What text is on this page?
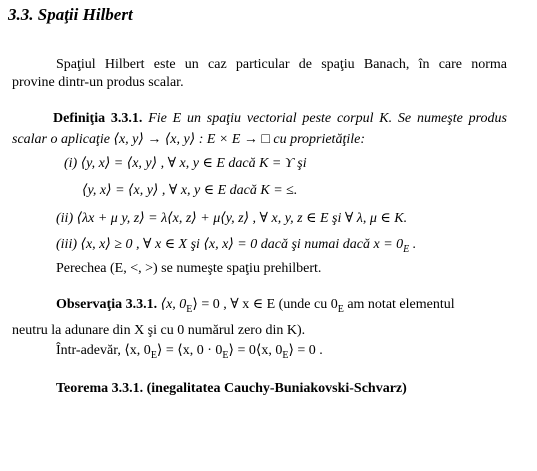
3.3. Spaţii Hilbert
Spaţiul Hilbert este un caz particular de spaţiu Banach, în care norma
provine dintr-un produs scalar.
Definiţia 3.3.1. Fie E un spaţiu vectorial peste corpul K. Se numeşte produs
scalar o aplicaţie ⟨x, y⟩ → ⟨x, y⟩ : E × E → □ cu proprietăţile:
(i) ⟨y, x⟩ = ⟨x, y⟩ , ∀ x, y ∈ E dacă K = ϒ şi
⟨y, x⟩ = ⟨x, y⟩ , ∀ x, y ∈ E dacă K = ≤.
(ii) ⟨λx + μ y, z⟩ = λ⟨x, z⟩ + μ⟨y, z⟩ , ∀ x, y, z ∈ E şi ∀ λ, μ ∈ K.
(iii) ⟨x, x⟩ ≥ 0 , ∀ x ∈ X şi ⟨x, x⟩ = 0 dacă şi numai dacă $x = 0_E$ .
Perechea (E, <, >) se numeşte spaţiu prehilbert.
Observaţia 3.3.1. ⟨x, $0_E⟩ = 0$ , ∀ x ∈ E (unde cu $0_E$ am notat elementul
neutru la adunare din X şi cu 0 numărul zero din K).
Într-adevăr, ⟨x, $0_E⟩$ = ⟨x, $0 \cdot 0_E⟩$ = 0⟨x, $0_E⟩ = 0$ .
Teorema 3.3.1. (inegalitatea Cauchy-Buniakovski-Schvarz)
